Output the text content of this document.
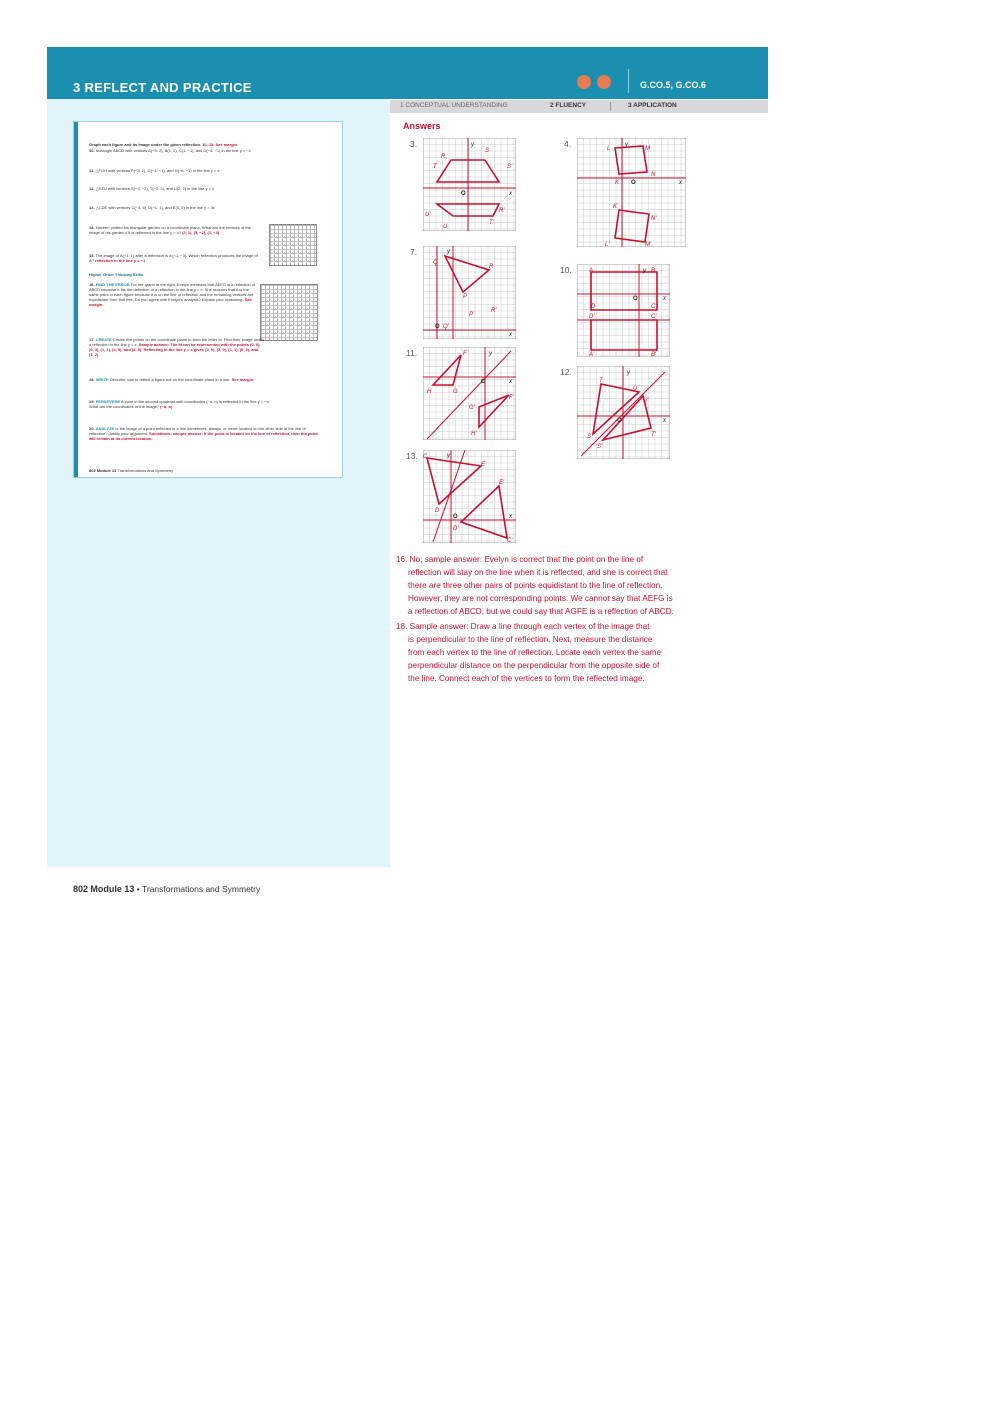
3 REFLECT AND PRACTICE	G.CO.5, G.CO.6
1 CONCEPTUAL UNDERSTANDING	2 FLUENCY	3 APPLICATION
Graph each figure and its image under the given reflection. 10–13. See margin.
10. rectangle ABCD with vertices A(−5, 2), B(1, 2), C(1, −1), and D(−5, −1) in the line y = −2
11. △FGH with vertices F(−3, 2), G(−4, −1), and H(−6, −1) in the line y = x
12. △STU with vertices S(−3, −2), T(−2, 3), and U(2, 2) in the line y = x
13. △CDE with vertices C(−3, 6), D(−1, 1), and E(3, 5) in the line y = 3x
14. Naveen plotted his triangular garden on a coordinate plane. What are the vertices of the image of his garden if it is reflected in the line y = x? (2, 1), (5, −2), (1, −3)
15. The image of A(−1, 1) after a reflection is A'(−1, −3). Which reflection produces the image of A? reflection in the line y = −1
Higher-Order Thinking Skills
16. FIND THE ERROR For the graph at the right, Evelyn mentions that AEFG is a reflection of ABCD because it fits the definition of a reflection in the line y = x. She reasons that A is the same point in each figure because it is on the line of reflection and the remaining vertices are equidistant from that line. Do you agree with Evelyn's analysis? Explain your reasoning. See margin.
17. CREATE Create five points on the coordinate plane to form the letter M. Find their image under a reflection in the line y = x. Sample answer: The M can be represented with the points (0, 0), (0, 3), (1, 1), (2, 0), and (2, 3). Reflecting in the line y = x gives (0, 0), (3, 0), (1, 1), (0, 2), and (3, 2).
18. WRITE Describe how to reflect a figure not on the coordinate plane in a line. See margin.
19. PERSEVERE A point in the second quadrant with coordinates (−a, b) is reflected in the line y = −x. What are the coordinates of the image? (−b, a)
20. ANALYZE Is the image of a point reflected in a line sometimes, always, or never located on the other side of the line of reflection? Justify your argument. Sometimes; sample answer: If the point is located on the line of reflection, then the point will remain at its current location.
802 Module 13 Transformations and Symmetry
Answers
3.	4.
7.
10.
11.
12.
13.
R
S
T	S'
O	x
y
U'
R'
T'
U
L	M
N
K O	x
y
K'
N'
L'	M'
y
Q
R
P
O Q'
x
R'
P'
A	B
y
D
O
C
D'	C'
A'	B'
x
F	y
H	G
O	x
F'
G'
H'
y
T
U
U'
O	x
S	T'
S'
C	y
E
E'
D
D'
O	x
C'
16. No; sample answer: Evelyn is correct that the point on the line of
reflection will stay on the line when it is reflected, and she is correct that
there are three other pairs of points equidistant to the line of reflection.
However, they are not corresponding points. We cannot say that AEFG is
a reflection of ABCD, but we could say that AGFE is a reflection of ABCD.
18. Sample answer: Draw a line through each vertex of the image that
is perpendicular to the line of reflection. Next, measure the distance
from each vertex to the line of reflection. Locate each vertex the same
perpendicular distance on the perpendicular from the opposite side of
the line. Connect each of the vertices to form the reflected image.
802 Module 13 • Transformations and Symmetry
